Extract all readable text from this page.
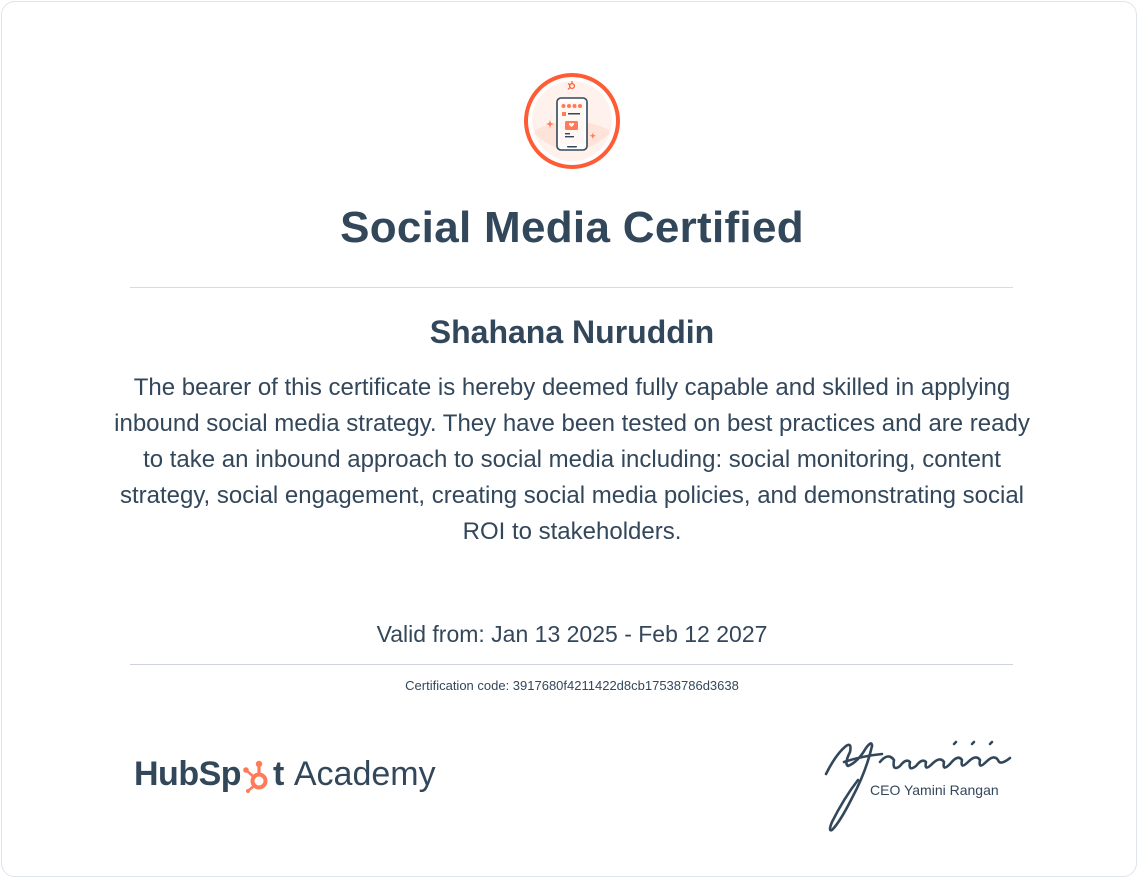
Social Media Certified
Shahana Nuruddin
The bearer of this certificate is hereby deemed fully capable and skilled in applying inbound social media strategy. They have been tested on best practices and are ready to take an inbound approach to social media including: social monitoring, content strategy, social engagement, creating social media policies, and demonstrating social ROI to stakeholders.
Valid from: Jan 13 2025 - Feb 12 2027
Certification code: 3917680f4211422d8cb17538786d3638
HubSp t Academy	CEO Yamini Rangan
